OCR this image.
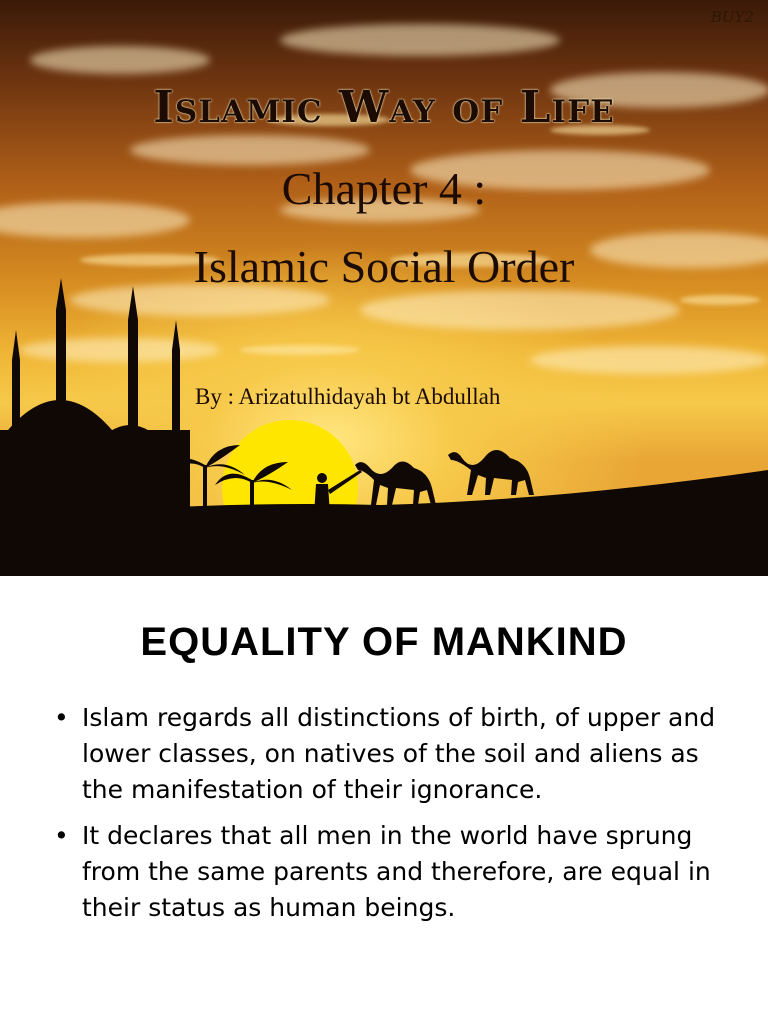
BUY2
Islamic Way of Life
Chapter 4 :
Islamic Social Order
By : Arizatulhidayah bt Abdullah
EQUALITY OF MANKIND
• Islam regards all distinctions of birth, of upper and lower classes, on natives of the soil and aliens as the manifestation of their ignorance.
• It declares that all men in the world have sprung from the same parents and therefore, are equal in their status as human beings.
